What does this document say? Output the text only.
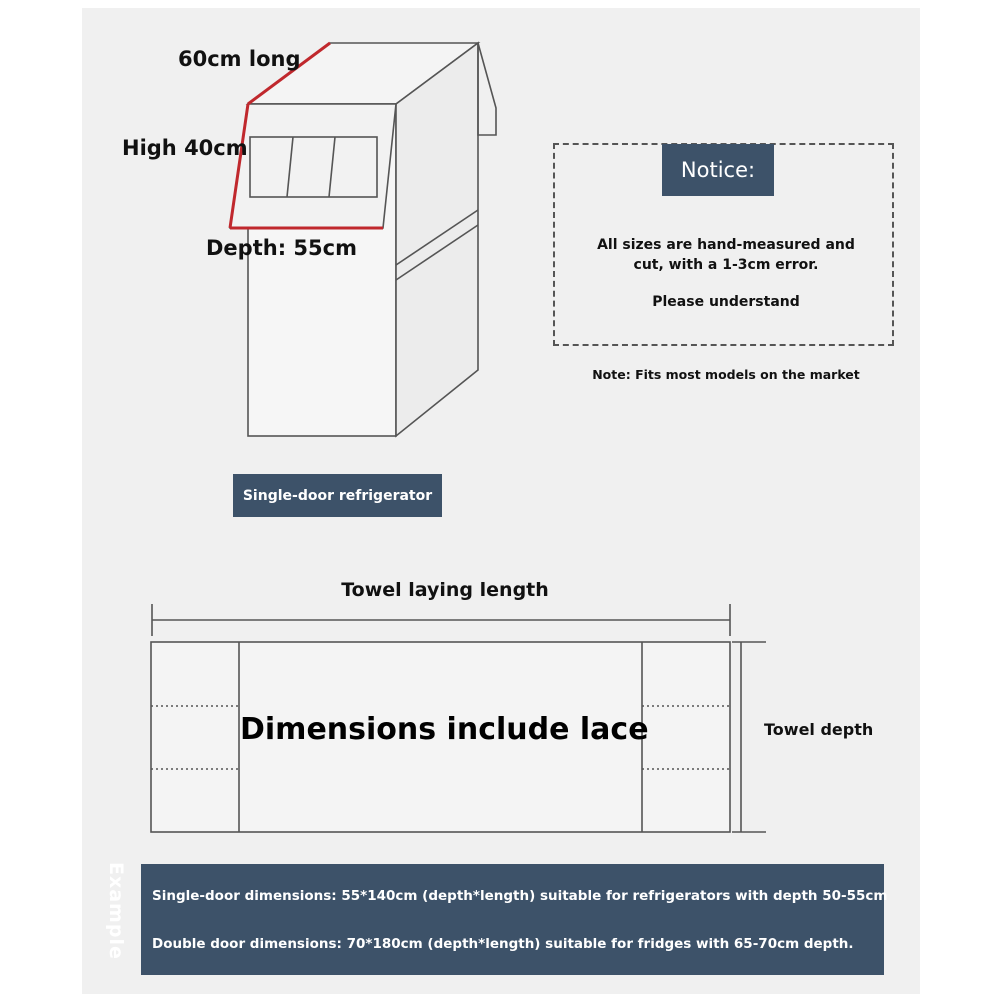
60cm long
High 40cm
Depth: 55cm
Single-door refrigerator
Notice:
All sizes are hand-measured and
cut, with a 1-3cm error.
Please understand
Note: Fits most models on the market
Towel laying length
Towel depth
Dimensions include lace
Example Single-door dimensions: 55*140cm (depth*length) suitable for refrigerators with depth 50-55cm
Double door dimensions: 70*180cm (depth*length) suitable for fridges with 65-70cm depth.
